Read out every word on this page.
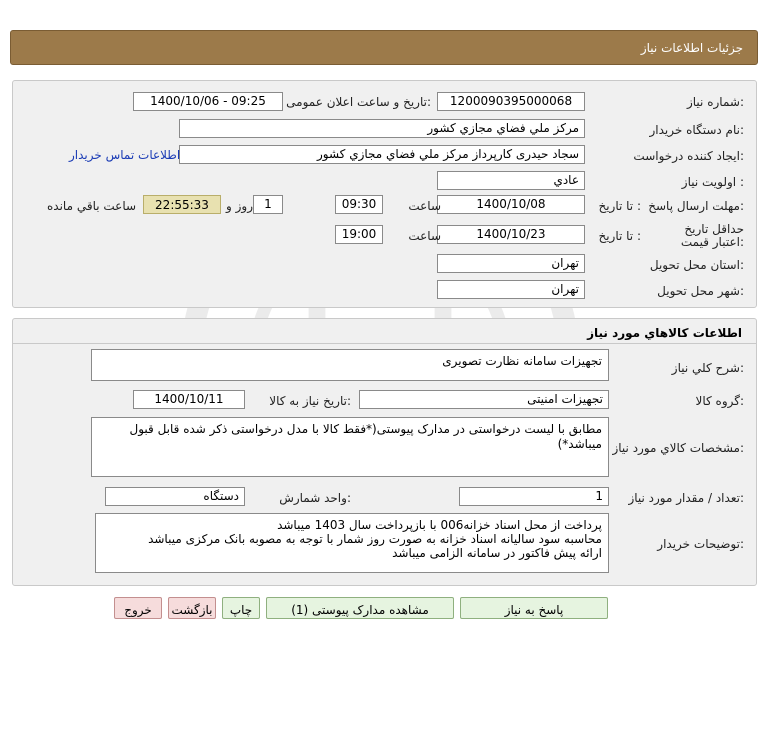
جزئیات اطلاعات نیاز
شماره نیاز:
1200090395000068
تاریخ و ساعت اعلان عمومی:
1400/10/06 - 09:25
نام دستگاه خریدار:
مرکز ملي فضاي مجازي کشور
ایجاد کننده درخواست:
سجاد حیدری کارپرداز مرکز ملي فضاي مجازي کشور
اطلاعات تماس خریدار
اولویت نیاز :
عادي
مهلت ارسال پاسخ:
تا تاریخ :
1400/10/08
ساعت
09:30
1
روز و
22:55:33
ساعت باقي مانده
حداقل تاریخ اعتبار قیمت:
تا تاریخ :
1400/10/23
ساعت
19:00
استان محل تحویل:
تهران
شهر محل تحویل:
تهران
اطلاعات کالاهاي مورد نیاز
شرح کلي نیاز:
تجهیزات سامانه نظارت تصویری
گروه کالا:
تجهیزات امنیتی
تاریخ نیاز به کالا:
1400/10/11
مشخصات کالاي مورد نیاز:
مطابق با لیست درخواستی در مدارک پیوستی(*فقط کالا با مدل درخواستی ذکر شده قابل قبول میباشد*)
تعداد / مقدار مورد نیاز:
1
واحد شمارش:
دستگاه
توضیحات خریدار:
پرداخت از محل اسناد خزانه006 با بازپرداخت سال 1403 میباشد
محاسبه سود سالیانه اسناد خزانه به صورت روز شمار با توجه به مصوبه بانک مرکزی میباشد
ارائه پیش فاکتور در سامانه الزامی میباشد
پاسخ به نیاز
مشاهده مدارک پیوستی (1)
چاپ
بازگشت
خروج
